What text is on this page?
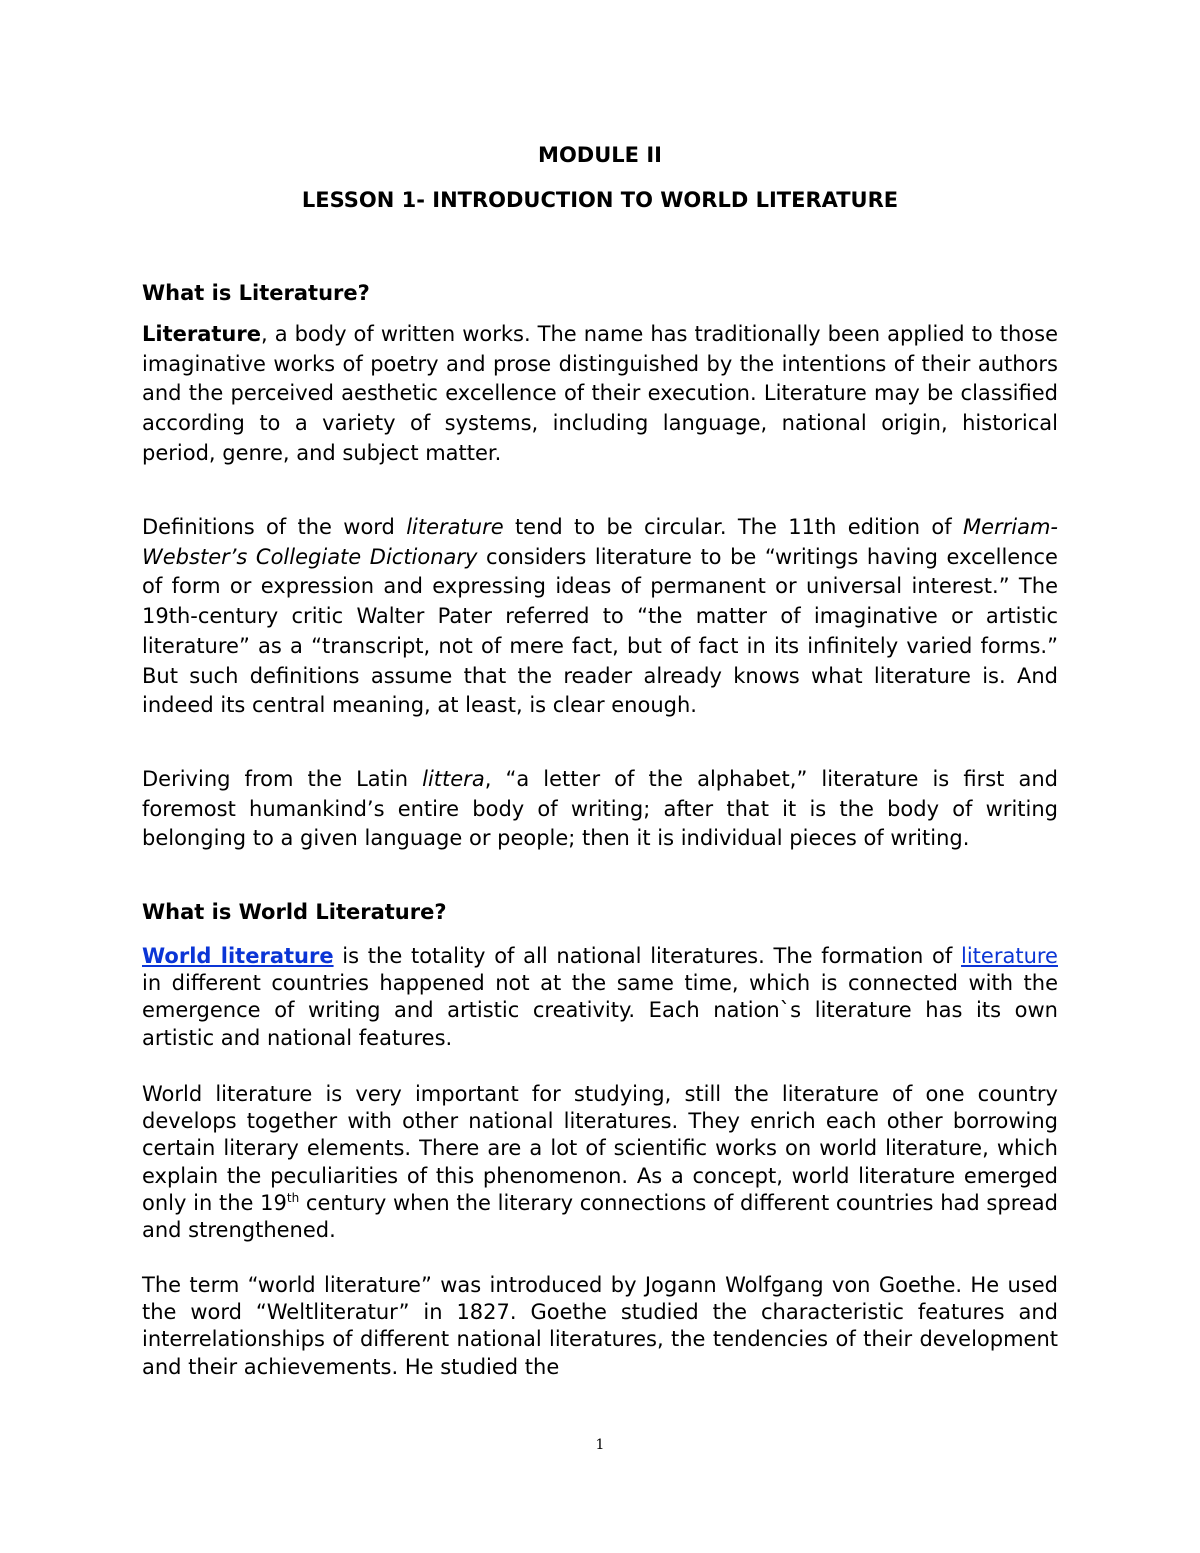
MODULE II

LESSON 1- INTRODUCTION TO WORLD LITERATURE

What is Literature?

Literature, a body of written works. The name has traditionally been applied to those imaginative works of poetry and prose distinguished by the intentions of their authors and the perceived aesthetic excellence of their execution. Literature may be classified according to a variety of systems, including language, national origin, historical period, genre, and subject matter.

Definitions of the word literature tend to be circular. The 11th edition of Merriam-Webster’s Collegiate Dictionary considers literature to be “writings having excellence of form or expression and expressing ideas of permanent or universal interest.” The 19th-century critic Walter Pater referred to “the matter of imaginative or artistic literature” as a “transcript, not of mere fact, but of fact in its infinitely varied forms.” But such definitions assume that the reader already knows what literature is. And indeed its central meaning, at least, is clear enough.

Deriving from the Latin littera, “a letter of the alphabet,” literature is first and foremost humankind’s entire body of writing; after that it is the body of writing belonging to a given language or people; then it is individual pieces of writing.

What is World Literature?

World literature is the totality of all national literatures. The formation of literature in different countries happened not at the same time, which is connected with the emergence of writing and artistic creativity. Each nation`s literature has its own artistic and national features.

World literature is very important for studying, still the literature of one country develops together with other national literatures. They enrich each other borrowing certain literary elements. There are a lot of scientific works on world literature, which explain the peculiarities of this phenomenon. As a concept, world literature emerged only in the 19th century when the literary connections of different countries had spread and strengthened.

The term “world literature” was introduced by Jogann Wolfgang von Goethe. He used the word “Weltliteratur” in 1827. Goethe studied the characteristic features and interrelationships of different national literatures, the tendencies of their development and their achievements. He studied the

1
